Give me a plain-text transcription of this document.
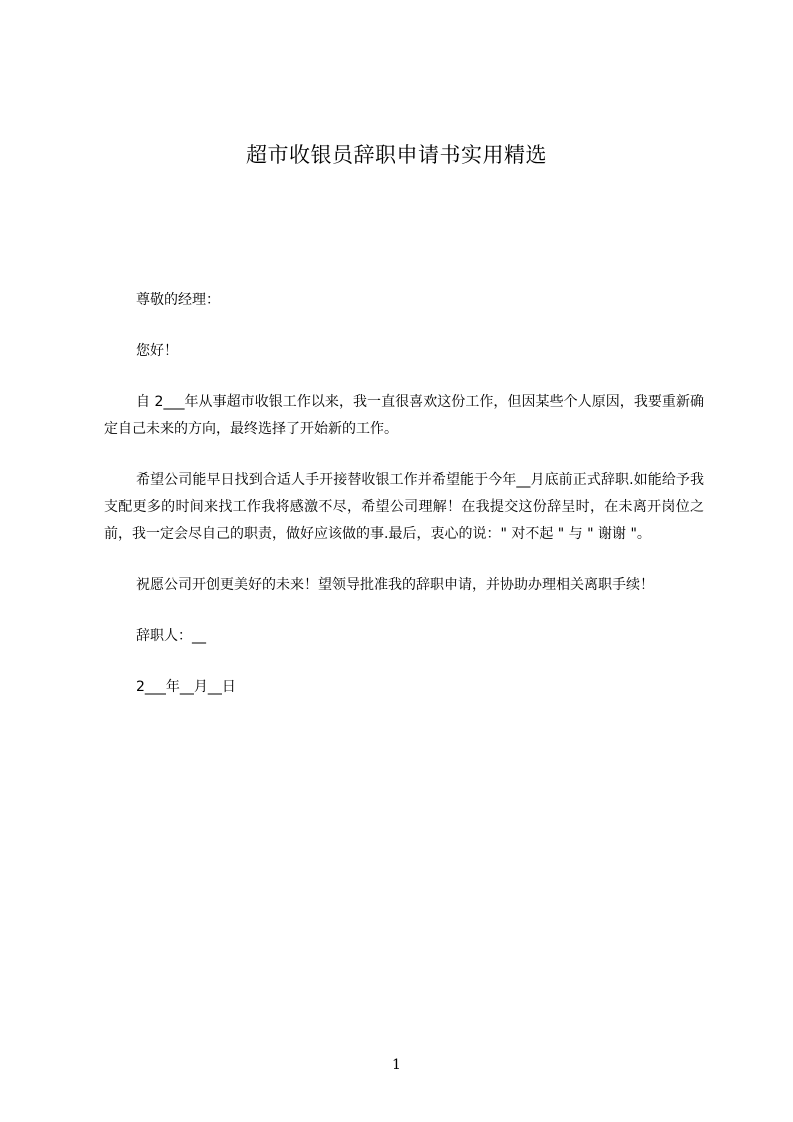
超市收银员辞职申请书实用精选

尊敬的经理：

您好！

自 2___年从事超市收银工作以来，我一直很喜欢这份工作，但因某些个人原因，我要重新确定自己未来的方向，最终选择了开始新的工作。

希望公司能早日找到合适人手开接替收银工作并希望能于今年__月底前正式辞职.如能给予我支配更多的时间来找工作我将感激不尽，希望公司理解！在我提交这份辞呈时，在未离开岗位之前，我一定会尽自己的职责，做好应该做的事.最后，衷心的说：" 对不起 " 与 " 谢谢 "。

祝愿公司开创更美好的未来！望领导批准我的辞职申请，并协助办理相关离职手续！

辞职人：__

2___年__月__日

1
